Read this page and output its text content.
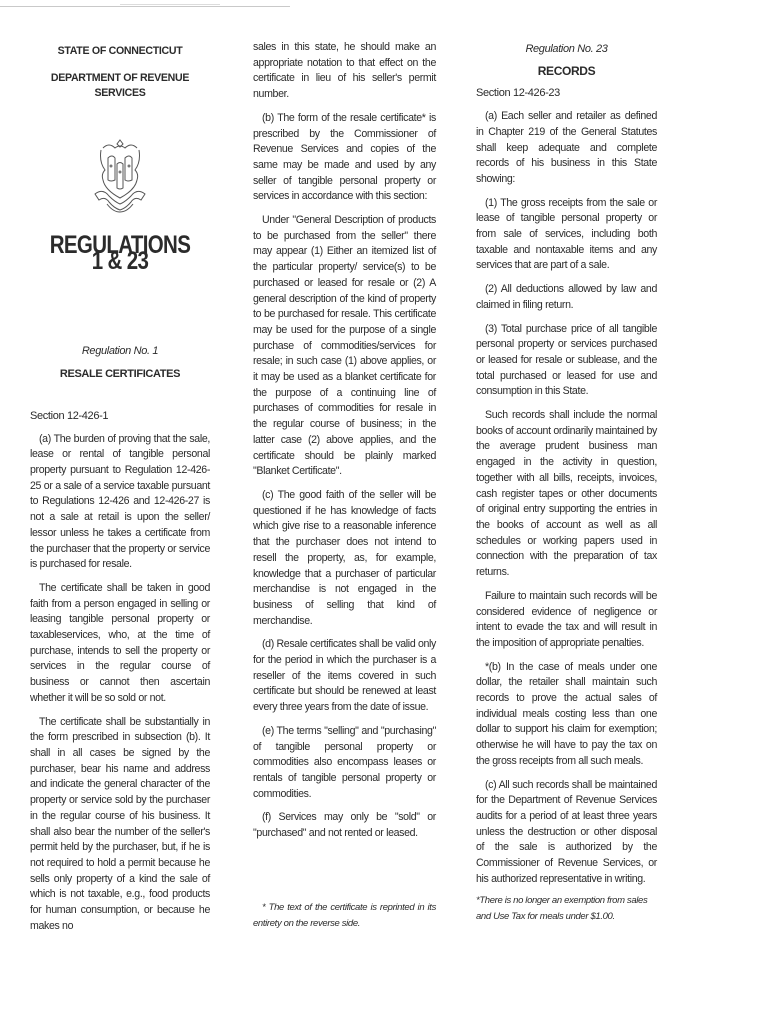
STATE OF CONNECTICUT
DEPARTMENT OF REVENUE SERVICES
REGULATIONS 1 & 23
Regulation No. 1
RESALE CERTIFICATES
Section 12-426-1

(a) The burden of proving that the sale, lease or rental of tangible personal property pursuant to Regulation 12-426-25 or a sale of a service taxable pursuant to Regulations 12-426 and 12-426-27 is not a sale at retail is upon the seller/ lessor unless he takes a certificate from the purchaser that the property or service is purchased for resale.

The certificate shall be taken in good faith from a person engaged in selling or leasing tangible personal property or taxableservices, who, at the time of purchase, intends to sell the property or services in the regular course of business or cannot then ascertain whether it will be so sold or not.

The certificate shall be substantially in the form prescribed in subsection (b). It shall in all cases be signed by the purchaser, bear his name and address and indicate the general character of the property or service sold by the purchaser in the regular course of his business. It shall also bear the number of the seller's permit held by the purchaser, but, if he is not required to hold a permit because he sells only property of a kind the sale of which is not taxable, e.g., food products for human consumption, or because he makes no

sales in this state, he should make an appropriate notation to that effect on the certificate in lieu of his seller's permit number.

(b) The form of the resale certificate* is prescribed by the Commissioner of Revenue Services and copies of the same may be made and used by any seller of tangible personal property or services in accordance with this section:

Under "General Description of products to be purchased from the seller" there may appear (1) Either an itemized list of the particular property/ service(s) to be purchased or leased for resale or (2) A general description of the kind of property to be purchased for resale. This certificate may be used for the purpose of a single purchase of commodities/services for resale; in such case (1) above applies, or it may be used as a blanket certificate for the purpose of a continuing line of purchases of commodities for resale in the regular course of business; in the latter case (2) above applies, and the certificate should be plainly marked "Blanket Certificate".

(c) The good faith of the seller will be questioned if he has knowledge of facts which give rise to a reasonable inference that the purchaser does not intend to resell the property, as, for example, knowledge that a purchaser of particular merchandise is not engaged in the business of selling that kind of merchandise.

(d) Resale certificates shall be valid only for the period in which the purchaser is a reseller of the items covered in such certificate but should be renewed at least every three years from the date of issue.

(e) The terms "selling" and "purchasing" of tangible personal property or commodities also encompass leases or rentals of tangible personal property or commodities.

(f) Services may only be "sold" or "purchased" and not rented or leased.

* The text of the certificate is reprinted in its entirety on the reverse side.

Regulation No. 23
RECORDS
Section 12-426-23

(a) Each seller and retailer as defined in Chapter 219 of the General Statutes shall keep adequate and complete records of his business in this State showing:

(1) The gross receipts from the sale or lease of tangible personal property or from sale of services, including both taxable and nontaxable items and any services that are part of a sale.

(2) All deductions allowed by law and claimed in filing return.

(3) Total purchase price of all tangible personal property or services purchased or leased for resale or sublease, and the total purchased or leased for use and consumption in this State.

Such records shall include the normal books of account ordinarily maintained by the average prudent business man engaged in the activity in question, together with all bills, receipts, invoices, cash register tapes or other documents of original entry supporting the entries in the books of account as well as all schedules or working papers used in connection with the preparation of tax returns.

Failure to maintain such records will be considered evidence of negligence or intent to evade the tax and will result in the imposition of appropriate penalties.

*(b) In the case of meals under one dollar, the retailer shall maintain such records to prove the actual sales of individual meals costing less than one dollar to support his claim for exemption; otherwise he will have to pay the tax on the gross receipts from all such meals.

(c) All such records shall be maintained for the Department of Revenue Services audits for a period of at least three years unless the destruction or other disposal of the sale is authorized by the Commissioner of Revenue Services, or his authorized representative in writing.

*There is no longer an exemption from sales and Use Tax for meals under $1.00.
